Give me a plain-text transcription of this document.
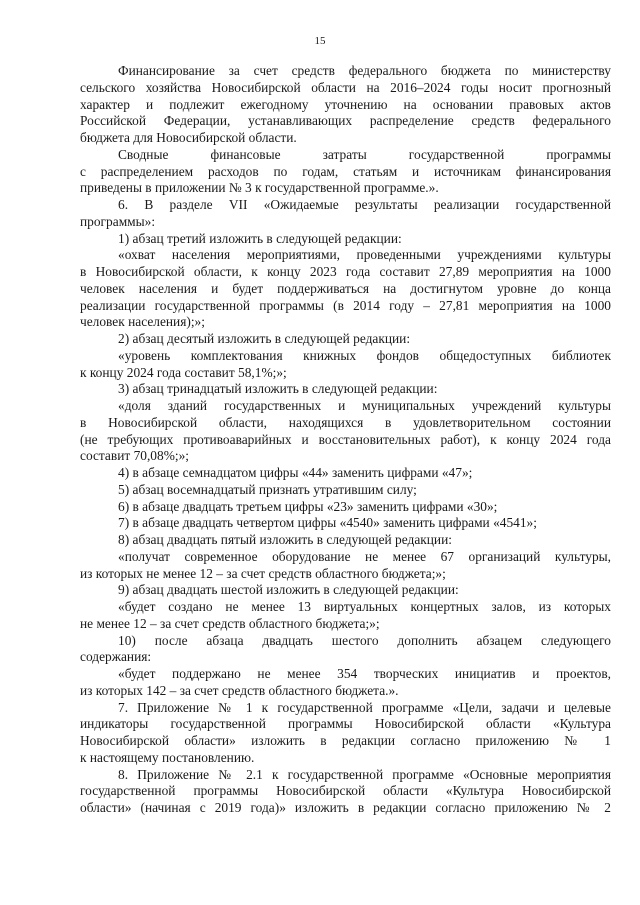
15
Финансирование за счет средств федерального бюджета по министерству
сельского хозяйства Новосибирской области на 2016–2024 годы носит прогнозный
характер и подлежит ежегодному уточнению на основании правовых актов
Российской Федерации, устанавливающих распределение средств федерального
бюджета для Новосибирской области.
Сводные финансовые затраты государственной программы
с распределением расходов по годам, статьям и источникам финансирования
приведены в приложении № 3 к государственной программе.».
6. В разделе VII «Ожидаемые результаты реализации государственной
программы»:
1) абзац третий изложить в следующей редакции:
«охват населения мероприятиями, проведенными учреждениями культуры
в Новосибирской области, к концу 2023 года составит 27,89 мероприятия на 1000
человек населения и будет поддерживаться на достигнутом уровне до конца
реализации государственной программы (в 2014 году – 27,81 мероприятия на 1000
человек населения);»;
2) абзац десятый изложить в следующей редакции:
«уровень комплектования книжных фондов общедоступных библиотек
к концу 2024 года составит 58,1%;»;
3) абзац тринадцатый изложить в следующей редакции:
«доля зданий государственных и муниципальных учреждений культуры
в Новосибирской области, находящихся в удовлетворительном состоянии
(не требующих противоаварийных и восстановительных работ), к концу 2024 года
составит 70,08%;»;
4) в абзаце семнадцатом цифры «44» заменить цифрами «47»;
5) абзац восемнадцатый признать утратившим силу;
6) в абзаце двадцать третьем цифры «23» заменить цифрами «30»;
7) в абзаце двадцать четвертом цифры «4540» заменить цифрами «4541»;
8) абзац двадцать пятый изложить в следующей редакции:
«получат современное оборудование не менее 67 организаций культуры,
из которых не менее 12 – за счет средств областного бюджета;»;
9) абзац двадцать шестой изложить в следующей редакции:
«будет создано не менее 13 виртуальных концертных залов, из которых
не менее 12 – за счет средств областного бюджета;»;
10) после абзаца двадцать шестого дополнить абзацем следующего
содержания:
«будет поддержано не менее 354 творческих инициатив и проектов,
из которых 142 – за счет средств областного бюджета.».
7. Приложение № 1 к государственной программе «Цели, задачи и целевые
индикаторы государственной программы Новосибирской области «Культура
Новосибирской области» изложить в редакции согласно приложению № 1
к настоящему постановлению.
8. Приложение № 2.1 к государственной программе «Основные мероприятия
государственной программы Новосибирской области «Культура Новосибирской
области» (начиная с 2019 года)» изложить в редакции согласно приложению № 2
